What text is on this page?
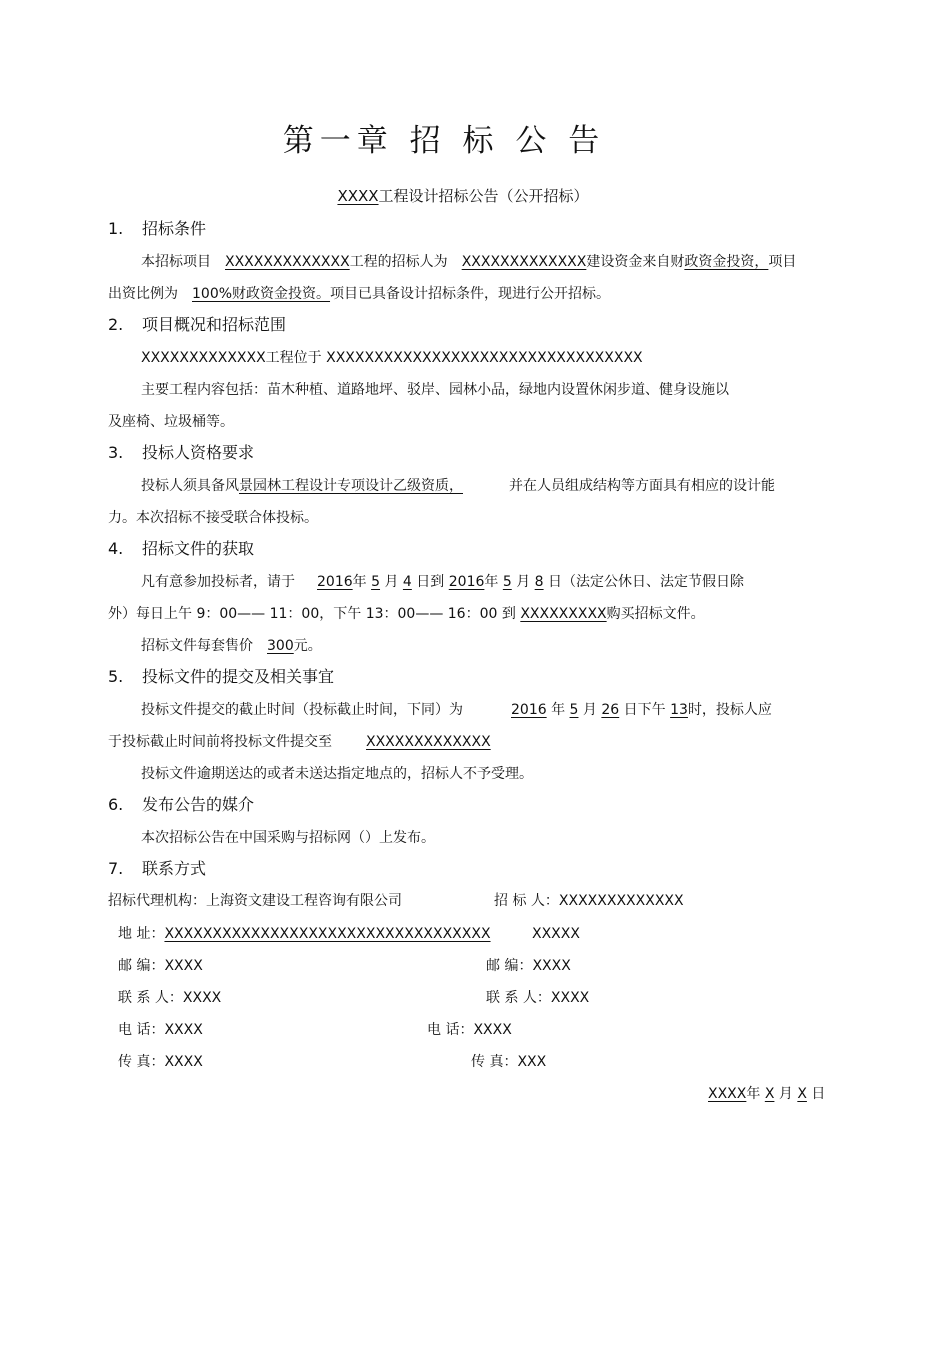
第一章 招 标 公 告
XXXX工程设计招标公告（公开招标）
1. 招标条件
本招标项目 XXXXXXXXXXXXX工程的招标人为 XXXXXXXXXXXXX建设资金来自财政资金投资，项目
出资比例为 100%财政资金投资。项目已具备设计招标条件，现进行公开招标。
2. 项目概况和招标范围
XXXXXXXXXXXXX工程位于 XXXXXXXXXXXXXXXXXXXXXXXXXXXXXXXXX
主要工程内容包括：苗木种植、道路地坪、驳岸、园林小品，绿地内设置休闲步道、健身设施以
及座椅、垃圾桶等。
3. 投标人资格要求
投标人须具备风景园林工程设计专项设计乙级资质，	并在人员组成结构等方面具有相应的设计能
力。本次招标不接受联合体投标。
4. 招标文件的获取
凡有意参加投标者，请于 2016年 5 月 4 日到 2016年 5 月 8 日（法定公休日、法定节假日除
外）每日上午 9：00—— 11：00，下午 13：00—— 16：00 到 XXXXXXXXX购买招标文件。
招标文件每套售价 300元。
5. 投标文件的提交及相关事宜
投标文件提交的截止时间（投标截止时间，下同）为	2016 年 5 月 26 日下午 13时，投标人应
于投标截止时间前将投标文件提交至 XXXXXXXXXXXXX
投标文件逾期送达的或者未送达指定地点的，招标人不予受理。
6. 发布公告的媒介
本次招标公告在中国采购与招标网（）上发布。
7. 联系方式
招标代理机构：上海资文建设工程咨询有限公司	招 标 人：XXXXXXXXXXXXX
地 址：XXXXXXXXXXXXXXXXXXXXXXXXXXXXXXXXXX	XXXXX
邮 编：XXXX	邮 编：XXXX
联 系 人：XXXX	联 系 人：XXXX
电 话：XXXX	电 话：XXXX
传 真：XXXX	传 真：XXX
XXXX年 X 月 X 日
